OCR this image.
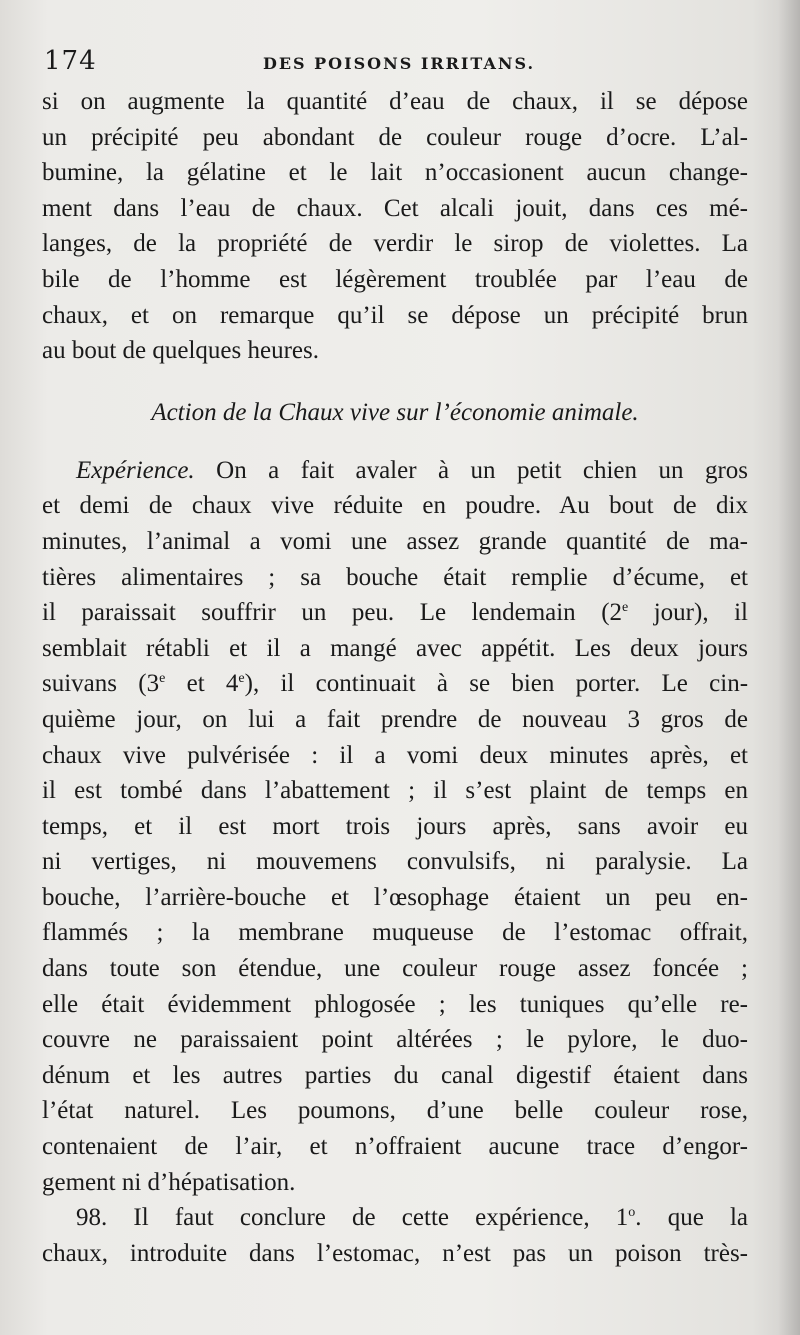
174	DES POISONS IRRITANS.
si on augmente la quantité d’eau de chaux, il se dépose
un précipité peu abondant de couleur rouge d’ocre. L’al-
bumine, la gélatine et le lait n’occasionent aucun change-
ment dans l’eau de chaux. Cet alcali jouit, dans ces mé-
langes, de la propriété de verdir le sirop de violettes. La
bile de l’homme est légèrement troublée par l’eau de
chaux, et on remarque qu’il se dépose un précipité brun
au bout de quelques heures.
Action de la Chaux vive sur l’économie animale.
Expérience. On a fait avaler à un petit chien un gros
et demi de chaux vive réduite en poudre. Au bout de dix
minutes, l’animal a vomi une assez grande quantité de ma-
tières alimentaires ; sa bouche était remplie d’écume, et
il paraissait souffrir un peu. Le lendemain (2e jour), il
semblait rétabli et il a mangé avec appétit. Les deux jours
suivans (3e et 4e), il continuait à se bien porter. Le cin-
quième jour, on lui a fait prendre de nouveau 3 gros de
chaux vive pulvérisée : il a vomi deux minutes après, et
il est tombé dans l’abattement ; il s’est plaint de temps en
temps, et il est mort trois jours après, sans avoir eu
ni vertiges, ni mouvemens convulsifs, ni paralysie. La
bouche, l’arrière-bouche et l’œsophage étaient un peu en-
flammés ; la membrane muqueuse de l’estomac offrait,
dans toute son étendue, une couleur rouge assez foncée ;
elle était évidemment phlogosée ; les tuniques qu’elle re-
couvre ne paraissaient point altérées ; le pylore, le duo-
dénum et les autres parties du canal digestif étaient dans
l’état naturel. Les poumons, d’une belle couleur rose,
contenaient de l’air, et n’offraient aucune trace d’engor-
gement ni d’hépatisation.
98. Il faut conclure de cette expérience, 1$^o$. que la
chaux, introduite dans l’estomac, n’est pas un poison très-
